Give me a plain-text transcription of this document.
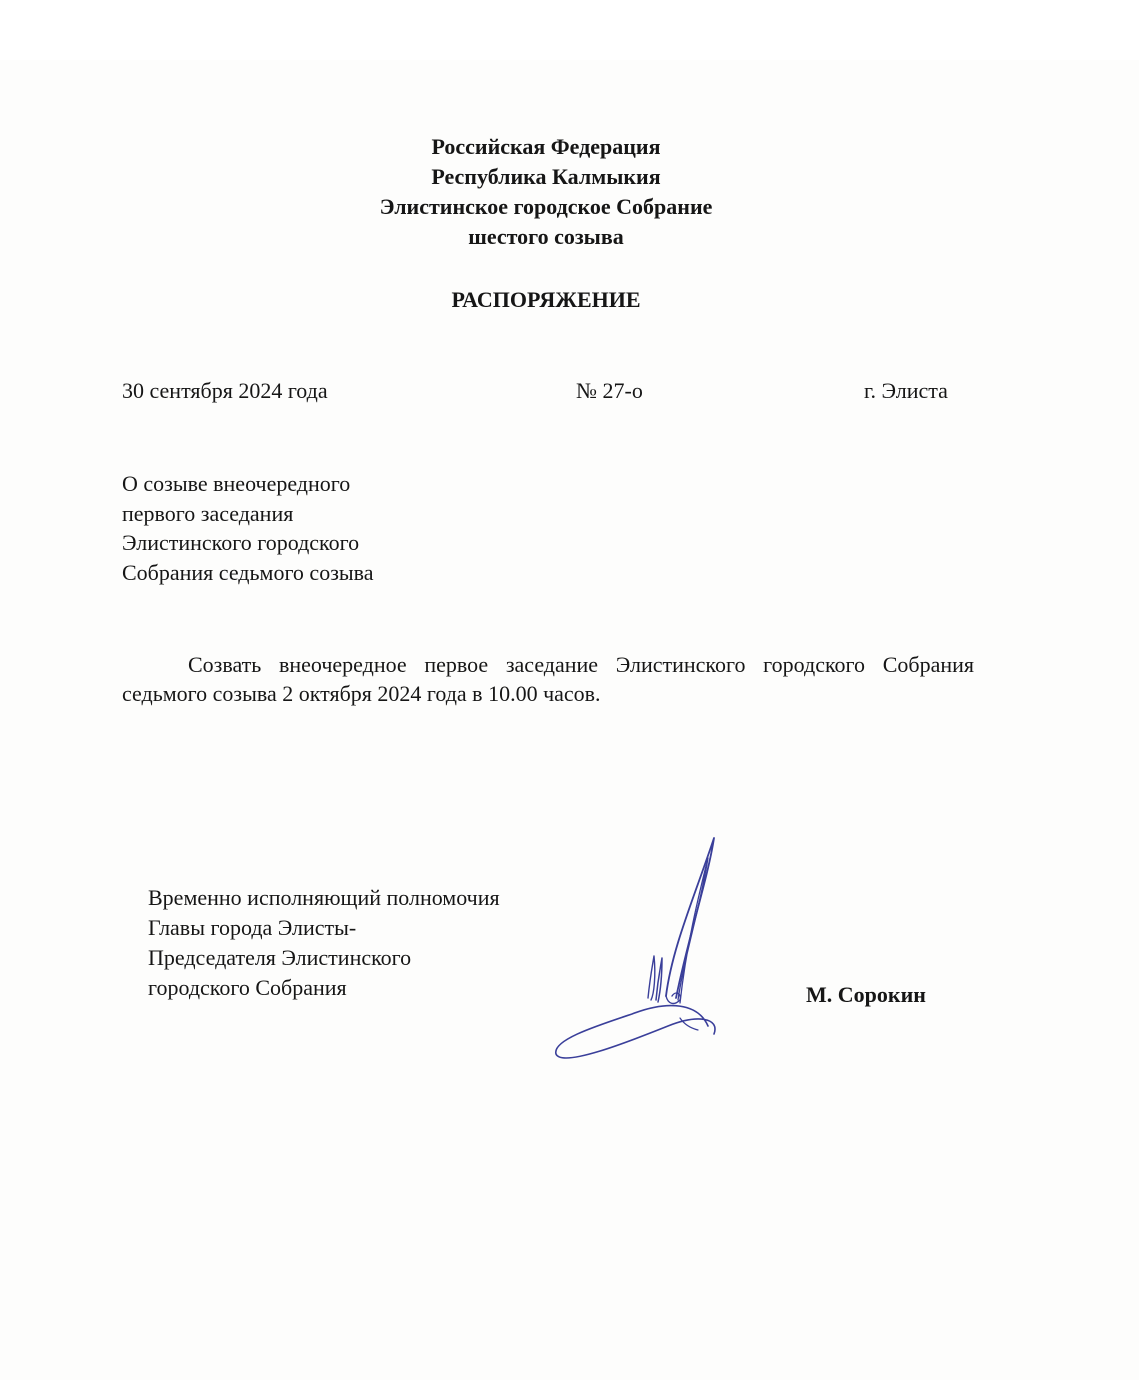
Российская Федерация
Республика Калмыкия
Элистинское городское Собрание
шестого созыва
РАСПОРЯЖЕНИЕ
30 сентября 2024 года	№ 27-о	г. Элиста
О созыве внеочередного
первого заседания
Элистинского городского
Собрания седьмого созыва
Созвать внеочередное первое заседание Элистинского городского Собрания седьмого созыва 2 октября 2024 года в 10.00 часов.
Временно исполняющий полномочия
Главы города Элисты-
Председателя Элистинского
городского Собрания	М. Сорокин
